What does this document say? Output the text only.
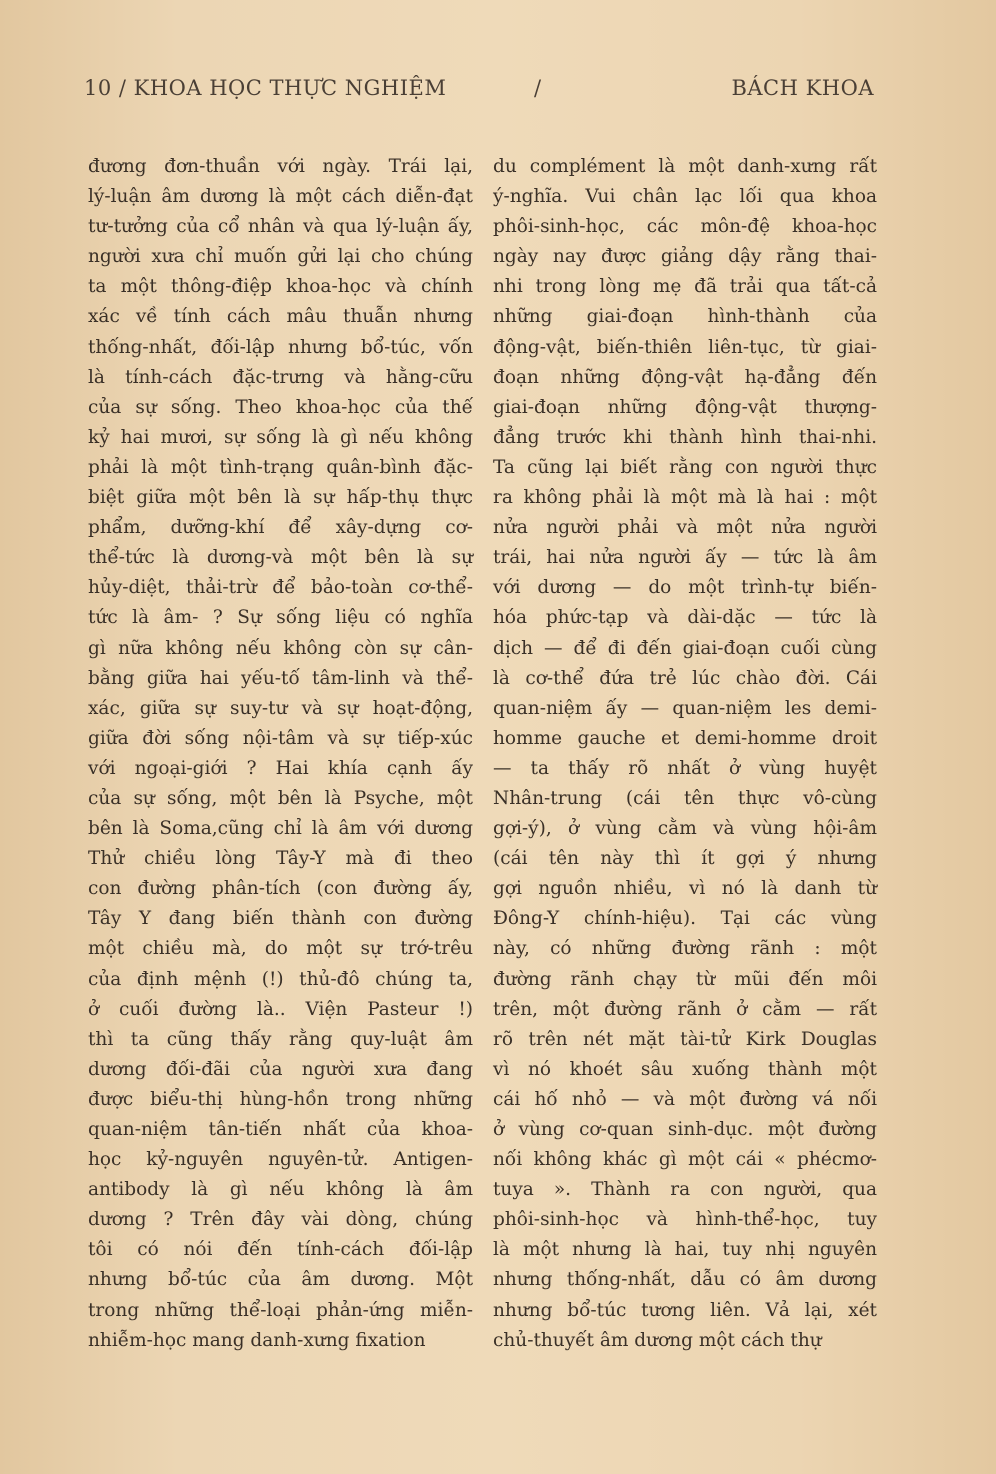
10 / KHOA HỌC THỰC NGHIỆM	/	BÁCH KHOA
đương đơn-thuần với ngày. Trái lại,
lý-luận âm dương là một cách diễn-đạt
tư-tưởng của cổ nhân và qua lý-luận ấy,
người xưa chỉ muốn gửi lại cho chúng
ta một thông-điệp khoa-học và chính
xác về tính cách mâu thuẫn nhưng
thống-nhất, đối-lập nhưng bổ-túc, vốn
là tính-cách đặc-trưng và hằng-cữu
của sự sống. Theo khoa-học của thế
kỷ hai mươi, sự sống là gì nếu không
phải là một tình-trạng quân-bình đặc-
biệt giữa một bên là sự hấp-thụ thực
phẩm, dưỡng-khí để xây-dựng cơ-
thể-tức là dương-và một bên là sự
hủy-diệt, thải-trừ để bảo-toàn cơ-thể-
tức là âm- ? Sự sống liệu có nghĩa
gì nữa không nếu không còn sự cân-
bằng giữa hai yếu-tố tâm-linh và thể-
xác, giữa sự suy-tư và sự hoạt-động,
giữa đời sống nội-tâm và sự tiếp-xúc
với ngoại-giới ? Hai khía cạnh ấy
của sự sống, một bên là Psyche, một
bên là Soma,cũng chỉ là âm với dương
Thử chiều lòng Tây-Y mà đi theo
con đường phân-tích (con đường ấy,
Tây Y đang biến thành con đường
một chiều mà, do một sự trớ-trêu
của định mệnh (!) thủ-đô chúng ta,
ở cuối đường là.. Viện Pasteur !)
thì ta cũng thấy rằng quy-luật âm
dương đối-đãi của người xưa đang
được biểu-thị hùng-hồn trong những
quan-niệm tân-tiến nhất của khoa-
học kỷ-nguyên nguyên-tử. Antigen-
antibody là gì nếu không là âm
dương ? Trên đây vài dòng, chúng
tôi có nói đến tính-cách đối-lập
nhưng bổ-túc của âm dương. Một
trong những thể-loại phản-ứng miễn-
nhiễm-học mang danh-xưng fixation
du complément là một danh-xưng rất
ý-nghĩa. Vui chân lạc lối qua khoa
phôi-sinh-học, các môn-đệ khoa-học
ngày nay được giảng dậy rằng thai-
nhi trong lòng mẹ đã trải qua tất-cả
những giai-đoạn hình-thành của
động-vật, biến-thiên liên-tục, từ giai-
đoạn những động-vật hạ-đẳng đến
giai-đoạn những động-vật thượng-
đẳng trước khi thành hình thai-nhi.
Ta cũng lại biết rằng con người thực
ra không phải là một mà là hai : một
nửa người phải và một nửa người
trái, hai nửa người ấy — tức là âm
với dương — do một trình-tự biến-
hóa phức-tạp và dài-dặc — tức là
dịch — để đi đến giai-đoạn cuối cùng
là cơ-thể đứa trẻ lúc chào đời. Cái
quan-niệm ấy — quan-niệm les demi-
homme gauche et demi-homme droit
— ta thấy rõ nhất ở vùng huyệt
Nhân-trung (cái tên thực vô-cùng
gợi-ý), ở vùng cằm và vùng hội-âm
(cái tên này thì ít gợi ý nhưng
gợi nguồn nhiều, vì nó là danh từ
Đông-Y chính-hiệu). Tại các vùng
này, có những đường rãnh : một
đường rãnh chạy từ mũi đến môi
trên, một đường rãnh ở cằm — rất
rõ trên nét mặt tài-tử Kirk Douglas
vì nó khoét sâu xuống thành một
cái hố nhỏ — và một đường vá nối
ở vùng cơ-quan sinh-dục. một đường
nối không khác gì một cái « phécmơ-
tuya ». Thành ra con người, qua
phôi-sinh-học và hình-thể-học, tuy
là một nhưng là hai, tuy nhị nguyên
nhưng thống-nhất, dẫu có âm dương
nhưng bổ-túc tương liên. Vả lại, xét
chủ-thuyết âm dương một cách thự
